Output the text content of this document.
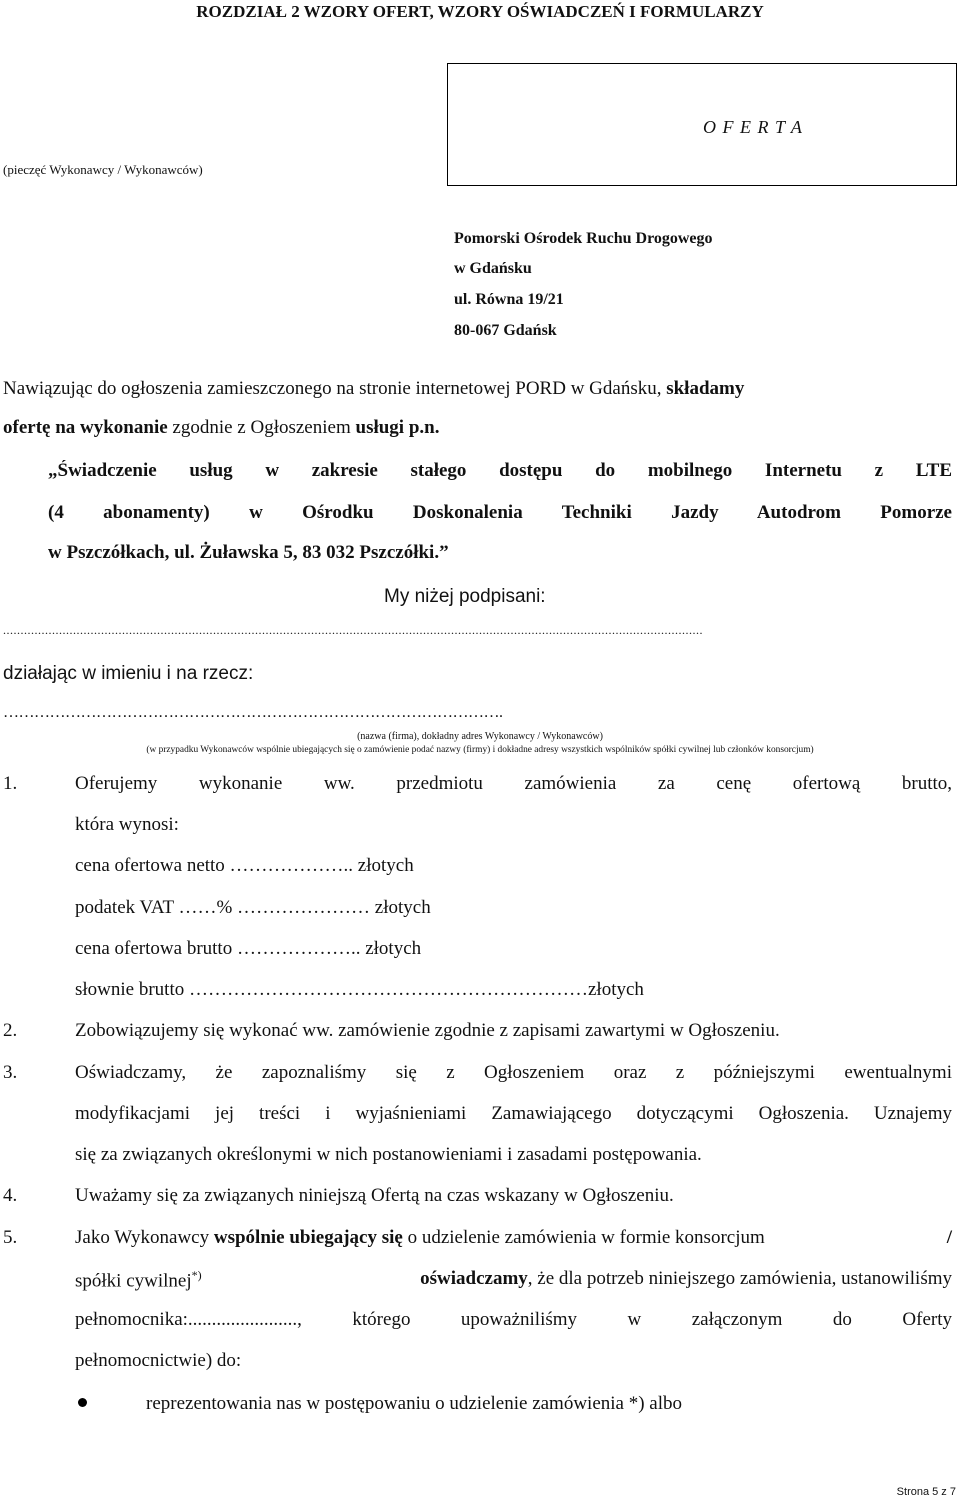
ROZDZIAŁ 2 WZORY OFERT, WZORY OŚWIADCZEŃ I FORMULARZY
O F E R T A
(pieczęć Wykonawcy / Wykonawców)
Pomorski Ośrodek Ruchu Drogowego
w Gdańsku
ul. Równa 19/21
80-067 Gdańsk
Nawiązując do ogłoszenia zamieszczonego na stronie internetowej PORD w Gdańsku, składamy
ofertę na wykonanie zgodnie z Ogłoszeniem usługi p.n.
„Świadczenie usług w zakresie stałego dostępu do mobilnego Internetu z LTE
(4 abonamenty) w Ośrodku Doskonalenia Techniki Jazdy Autodrom Pomorze
w Pszczółkach, ul. Żuławska 5, 83 032 Pszczółki.”
My niżej podpisani:
........................................................................................................................................................................................................
działając w imieniu i na rzecz:
…………………………………………………………………………………….
(nazwa (firma), dokładny adres Wykonawcy / Wykonawców)
(w przypadku Wykonawców wspólnie ubiegających się o zamówienie podać nazwy (firmy) i dokładne adresy wszystkich wspólników spółki cywilnej lub członków konsorcjum)
1.	Oferujemy wykonanie ww. przedmiotu zamówienia za cenę ofertową brutto,
która wynosi:
cena ofertowa netto ……………….. złotych
podatek VAT ……% ………………… złotych
cena ofertowa brutto ……………….. złotych
słownie brutto ………………………………………………………złotych
2.	Zobowiązujemy się wykonać ww. zamówienie zgodnie z zapisami zawartymi w Ogłoszeniu.
3.	Oświadczamy, że zapoznaliśmy się z Ogłoszeniem oraz z późniejszymi ewentualnymi
modyfikacjami jej treści i wyjaśnieniami Zamawiającego dotyczącymi Ogłoszenia. Uznajemy
się za związanych określonymi w nich postanowieniami i zasadami postępowania.
4.	Uważamy się za związanych niniejszą Ofertą na czas wskazany w Ogłoszeniu.
5.	Jako Wykonawcy wspólnie ubiegający się o udzielenie zamówienia w formie konsorcjum	/
spółki cywilnej*)	oświadczamy, że dla potrzeb niniejszego zamówienia, ustanowiliśmy
pełnomocnika:......................., którego upoważniliśmy w załączonym do Oferty
pełnomocnictwie) do:
reprezentowania nas w postępowaniu o udzielenie zamówienia *) albo
Strona 5 z 7
